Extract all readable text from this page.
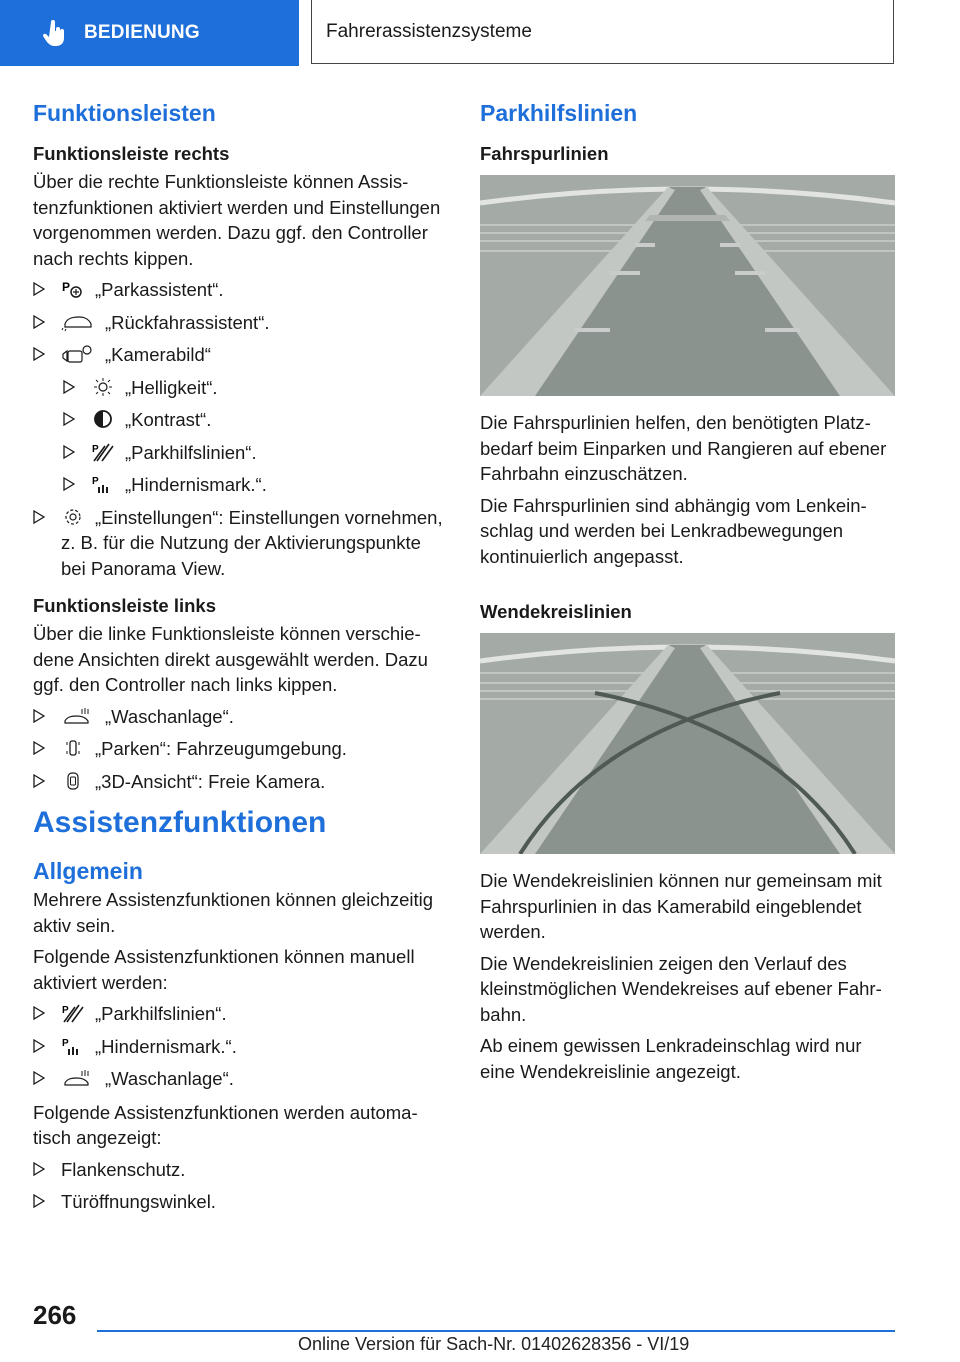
BEDIENUNG	Fahrerassistenzsysteme
Funktionsleisten
Funktionsleiste rechts

Über die rechte Funktionsleiste können Assistenzfunktionen aktiviert werden und Einstellungen vorgenommen werden. Dazu ggf. den Controller nach rechts kippen.

P „Parkassistent“.
„Rückfahrassistent“.
„Kamerabild“
„Helligkeit“.
„Kontrast“.
P „Parkhilfslinien“.
P „Hindernismark.“.
„Einstellungen“: Einstellungen vornehmen, z. B. für die Nutzung der Aktivierungspunkte bei Panorama View.
Funktionsleiste links

Über die linke Funktionsleiste können verschiedene Ansichten direkt ausgewählt werden. Dazu ggf. den Controller nach links kippen.

„Waschanlage“.
„Parken“: Fahrzeugumgebung.
„3D-Ansicht“: Freie Kamera.
Assistenzfunktionen
Allgemein

Mehrere Assistenzfunktionen können gleichzeitig aktiv sein.

Folgende Assistenzfunktionen können manuell aktiviert werden:

P „Parkhilfslinien“.
P „Hindernismark.“.
„Waschanlage“.

Folgende Assistenzfunktionen werden automatisch angezeigt:

Flankenschutz.
Türöffnungswinkel.
Parkhilfslinien
Fahrspurlinien

Die Fahrspurlinien helfen, den benötigten Platzbedarf beim Einparken und Rangieren auf ebener Fahrbahn einzuschätzen.

Die Fahrspurlinien sind abhängig vom Lenkeinschlag und werden bei Lenkradbewegungen kontinuierlich angepasst.

Wendekreislinien

Die Wendekreislinien können nur gemeinsam mit Fahrspurlinien in das Kamerabild eingeblendet werden.

Die Wendekreislinien zeigen den Verlauf des kleinstmöglichen Wendekreises auf ebener Fahrbahn.

Ab einem gewissen Lenkradeinschlag wird nur eine Wendekreislinie angezeigt.

266
Online Version für Sach-Nr. 01402628356 - VI/19
